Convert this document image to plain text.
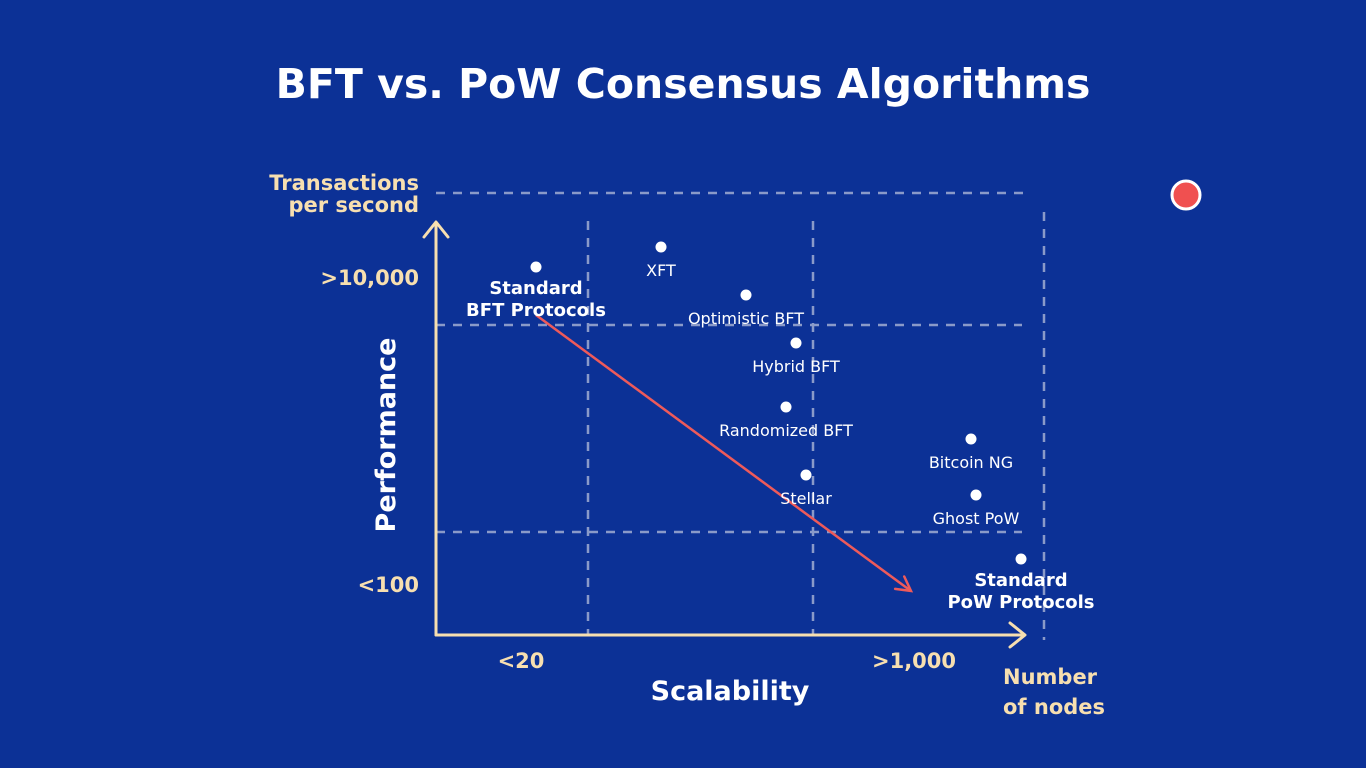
BFT vs. PoW Consensus Algorithms
Transactions
per second
Number
of nodes
>10,000
<100
<20	>1,000
Scalability
Performance
Standard BFT Protocols
XFT
Optimistic BFT
Hybrid BFT
Randomized BFT
Stellar
Bitcoin NG
Ghost PoW
Standard PoW Protocols
